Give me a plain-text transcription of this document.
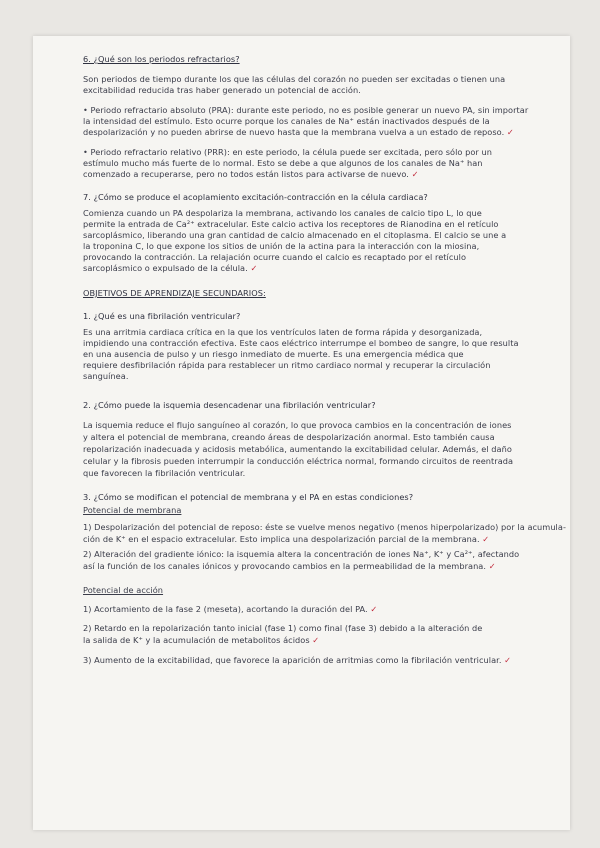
6. ¿Qué son los periodos refractarios?
Son periodos de tiempo durante los que las células del corazón no pueden ser excitadas o tienen una
excitabilidad reducida tras haber generado un potencial de acción.
• Periodo refractario absoluto (PRA): durante este periodo, no es posible generar un nuevo PA, sin importar
la intensidad del estímulo. Esto ocurre porque los canales de Na⁺ están inactivados después de la
despolarización y no pueden abrirse de nuevo hasta que la membrana vuelva a un estado de reposo. ✓
• Periodo refractario relativo (PRR): en este periodo, la célula puede ser excitada, pero sólo por un
estímulo mucho más fuerte de lo normal. Esto se debe a que algunos de los canales de Na⁺ han
comenzado a recuperarse, pero no todos están listos para activarse de nuevo. ✓
7. ¿Cómo se produce el acoplamiento excitación-contracción en la célula cardiaca?
Comienza cuando un PA despolariza la membrana, activando los canales de calcio tipo L, lo que
permite la entrada de Ca²⁺ extracelular. Este calcio activa los receptores de Rianodina en el retículo
sarcoplásmico, liberando una gran cantidad de calcio almacenado en el citoplasma. El calcio se une a
la troponina C, lo que expone los sitios de unión de la actina para la interacción con la miosina,
provocando la contracción. La relajación ocurre cuando el calcio es recaptado por el retículo
sarcoplásmico o expulsado de la célula. ✓
OBJETIVOS DE APRENDIZAJE SECUNDARIOS:
1. ¿Qué es una fibrilación ventricular?
Es una arritmia cardiaca crítica en la que los ventrículos laten de forma rápida y desorganizada,
impidiendo una contracción efectiva. Este caos eléctrico interrumpe el bombeo de sangre, lo que resulta
en una ausencia de pulso y un riesgo inmediato de muerte. Es una emergencia médica que
requiere desfibrilación rápida para restablecer un ritmo cardiaco normal y recuperar la circulación
sanguínea.
2. ¿Cómo puede la isquemia desencadenar una fibrilación ventricular?
La isquemia reduce el flujo sanguíneo al corazón, lo que provoca cambios en la concentración de iones
y altera el potencial de membrana, creando áreas de despolarización anormal. Esto también causa
repolarización inadecuada y acidosis metabólica, aumentando la excitabilidad celular. Además, el daño
celular y la fibrosis pueden interrumpir la conducción eléctrica normal, formando circuitos de reentrada
que favorecen la fibrilación ventricular.
3. ¿Cómo se modifican el potencial de membrana y el PA en estas condiciones?
Potencial de membrana
1) Despolarización del potencial de reposo: éste se vuelve menos negativo (menos hiperpolarizado) por la acumula-
ción de K⁺ en el espacio extracelular. Esto implica una despolarización parcial de la membrana. ✓
2) Alteración del gradiente iónico: la isquemia altera la concentración de iones Na⁺, K⁺ y Ca²⁺, afectando
así la función de los canales iónicos y provocando cambios en la permeabilidad de la membrana. ✓
Potencial de acción
1) Acortamiento de la fase 2 (meseta), acortando la duración del PA. ✓
2) Retardo en la repolarización tanto inicial (fase 1) como final (fase 3) debido a la alteración de
la salida de K⁺ y la acumulación de metabolitos ácidos ✓
3) Aumento de la excitabilidad, que favorece la aparición de arritmias como la fibrilación ventricular. ✓
